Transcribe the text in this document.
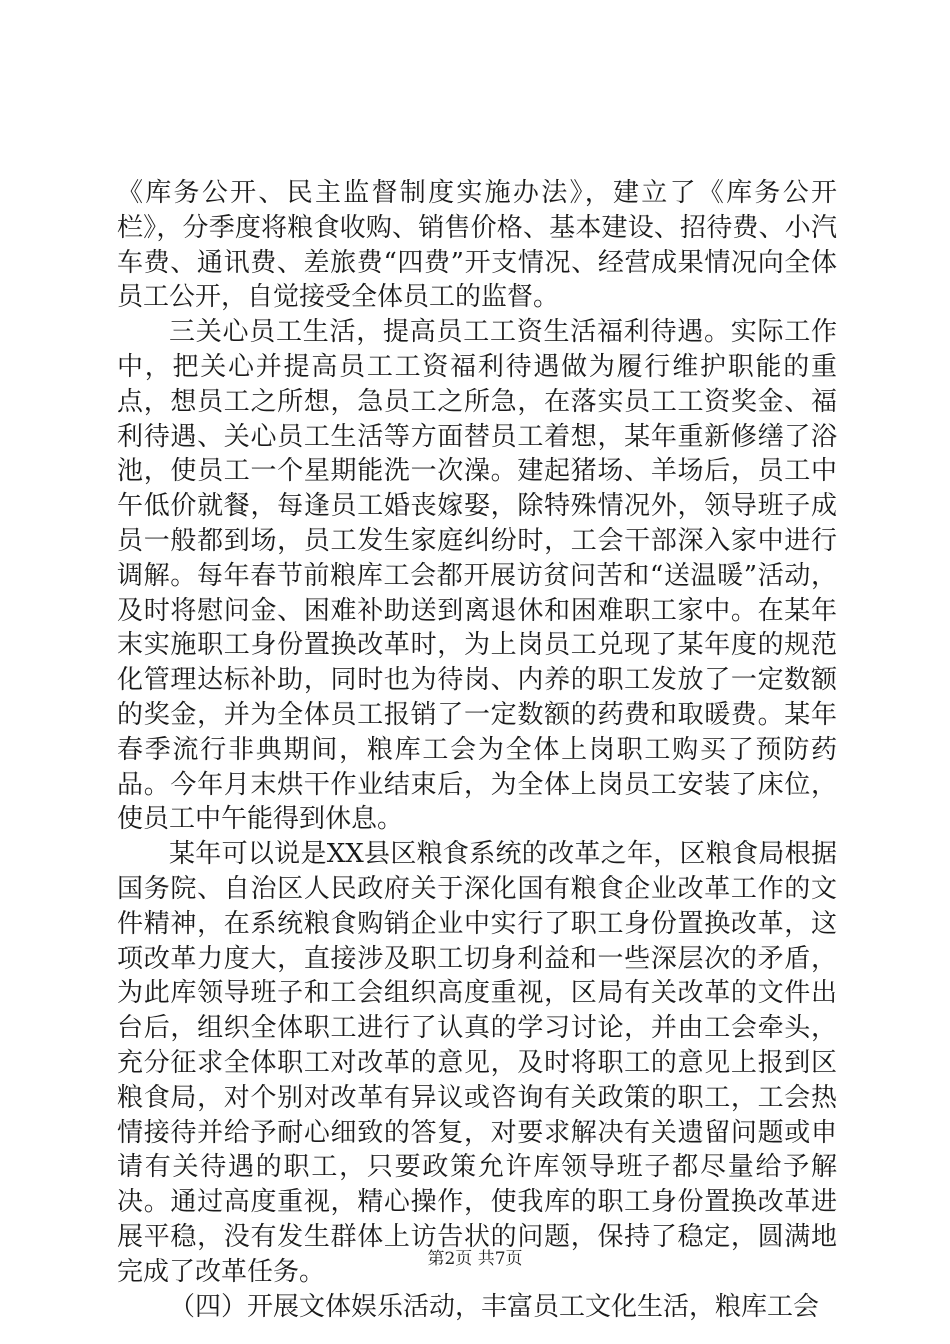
《库务公开、民主监督制度实施办法》，建立了《库务公开栏》，分季度将粮食收购、销售价格、基本建设、招待费、小汽车费、通讯费、差旅费“四费”开支情况、经营成果情况向全体员工公开，自觉接受全体员工的监督。

三关心员工生活，提高员工工资生活福利待遇。实际工作中，把关心并提高员工工资福利待遇做为履行维护职能的重点，想员工之所想，急员工之所急，在落实员工工资奖金、福利待遇、关心员工生活等方面替员工着想，某年重新修缮了浴池，使员工一个星期能洗一次澡。建起猪场、羊场后，员工中午低价就餐，每逢员工婚丧嫁娶，除特殊情况外，领导班子成员一般都到场，员工发生家庭纠纷时，工会干部深入家中进行调解。每年春节前粮库工会都开展访贫问苦和“送温暖”活动，及时将慰问金、困难补助送到离退休和困难职工家中。在某年末实施职工身份置换改革时，为上岗员工兑现了某年度的规范化管理达标补助，同时也为待岗、内养的职工发放了一定数额的奖金，并为全体员工报销了一定数额的药费和取暖费。某年春季流行非典期间，粮库工会为全体上岗职工购买了预防药品。今年月末烘干作业结束后，为全体上岗员工安装了床位，使员工中午能得到休息。

某年可以说是XX县区粮食系统的改革之年，区粮食局根据国务院、自治区人民政府关于深化国有粮食企业改革工作的文件精神，在系统粮食购销企业中实行了职工身份置换改革，这项改革力度大，直接涉及职工切身利益和一些深层次的矛盾，为此库领导班子和工会组织高度重视，区局有关改革的文件出台后，组织全体职工进行了认真的学习讨论，并由工会牵头，充分征求全体职工对改革的意见，及时将职工的意见上报到区粮食局，对个别对改革有异议或咨询有关政策的职工，工会热情接待并给予耐心细致的答复，对要求解决有关遗留问题或申请有关待遇的职工，只要政策允许库领导班子都尽量给予解决。通过高度重视，精心操作，使我库的职工身份置换改革进展平稳，没有发生群体上访告状的问题，保持了稳定，圆满地完成了改革任务。

（四）开展文体娱乐活动，丰富员工文化生活，粮库工会

第2页 共7页
